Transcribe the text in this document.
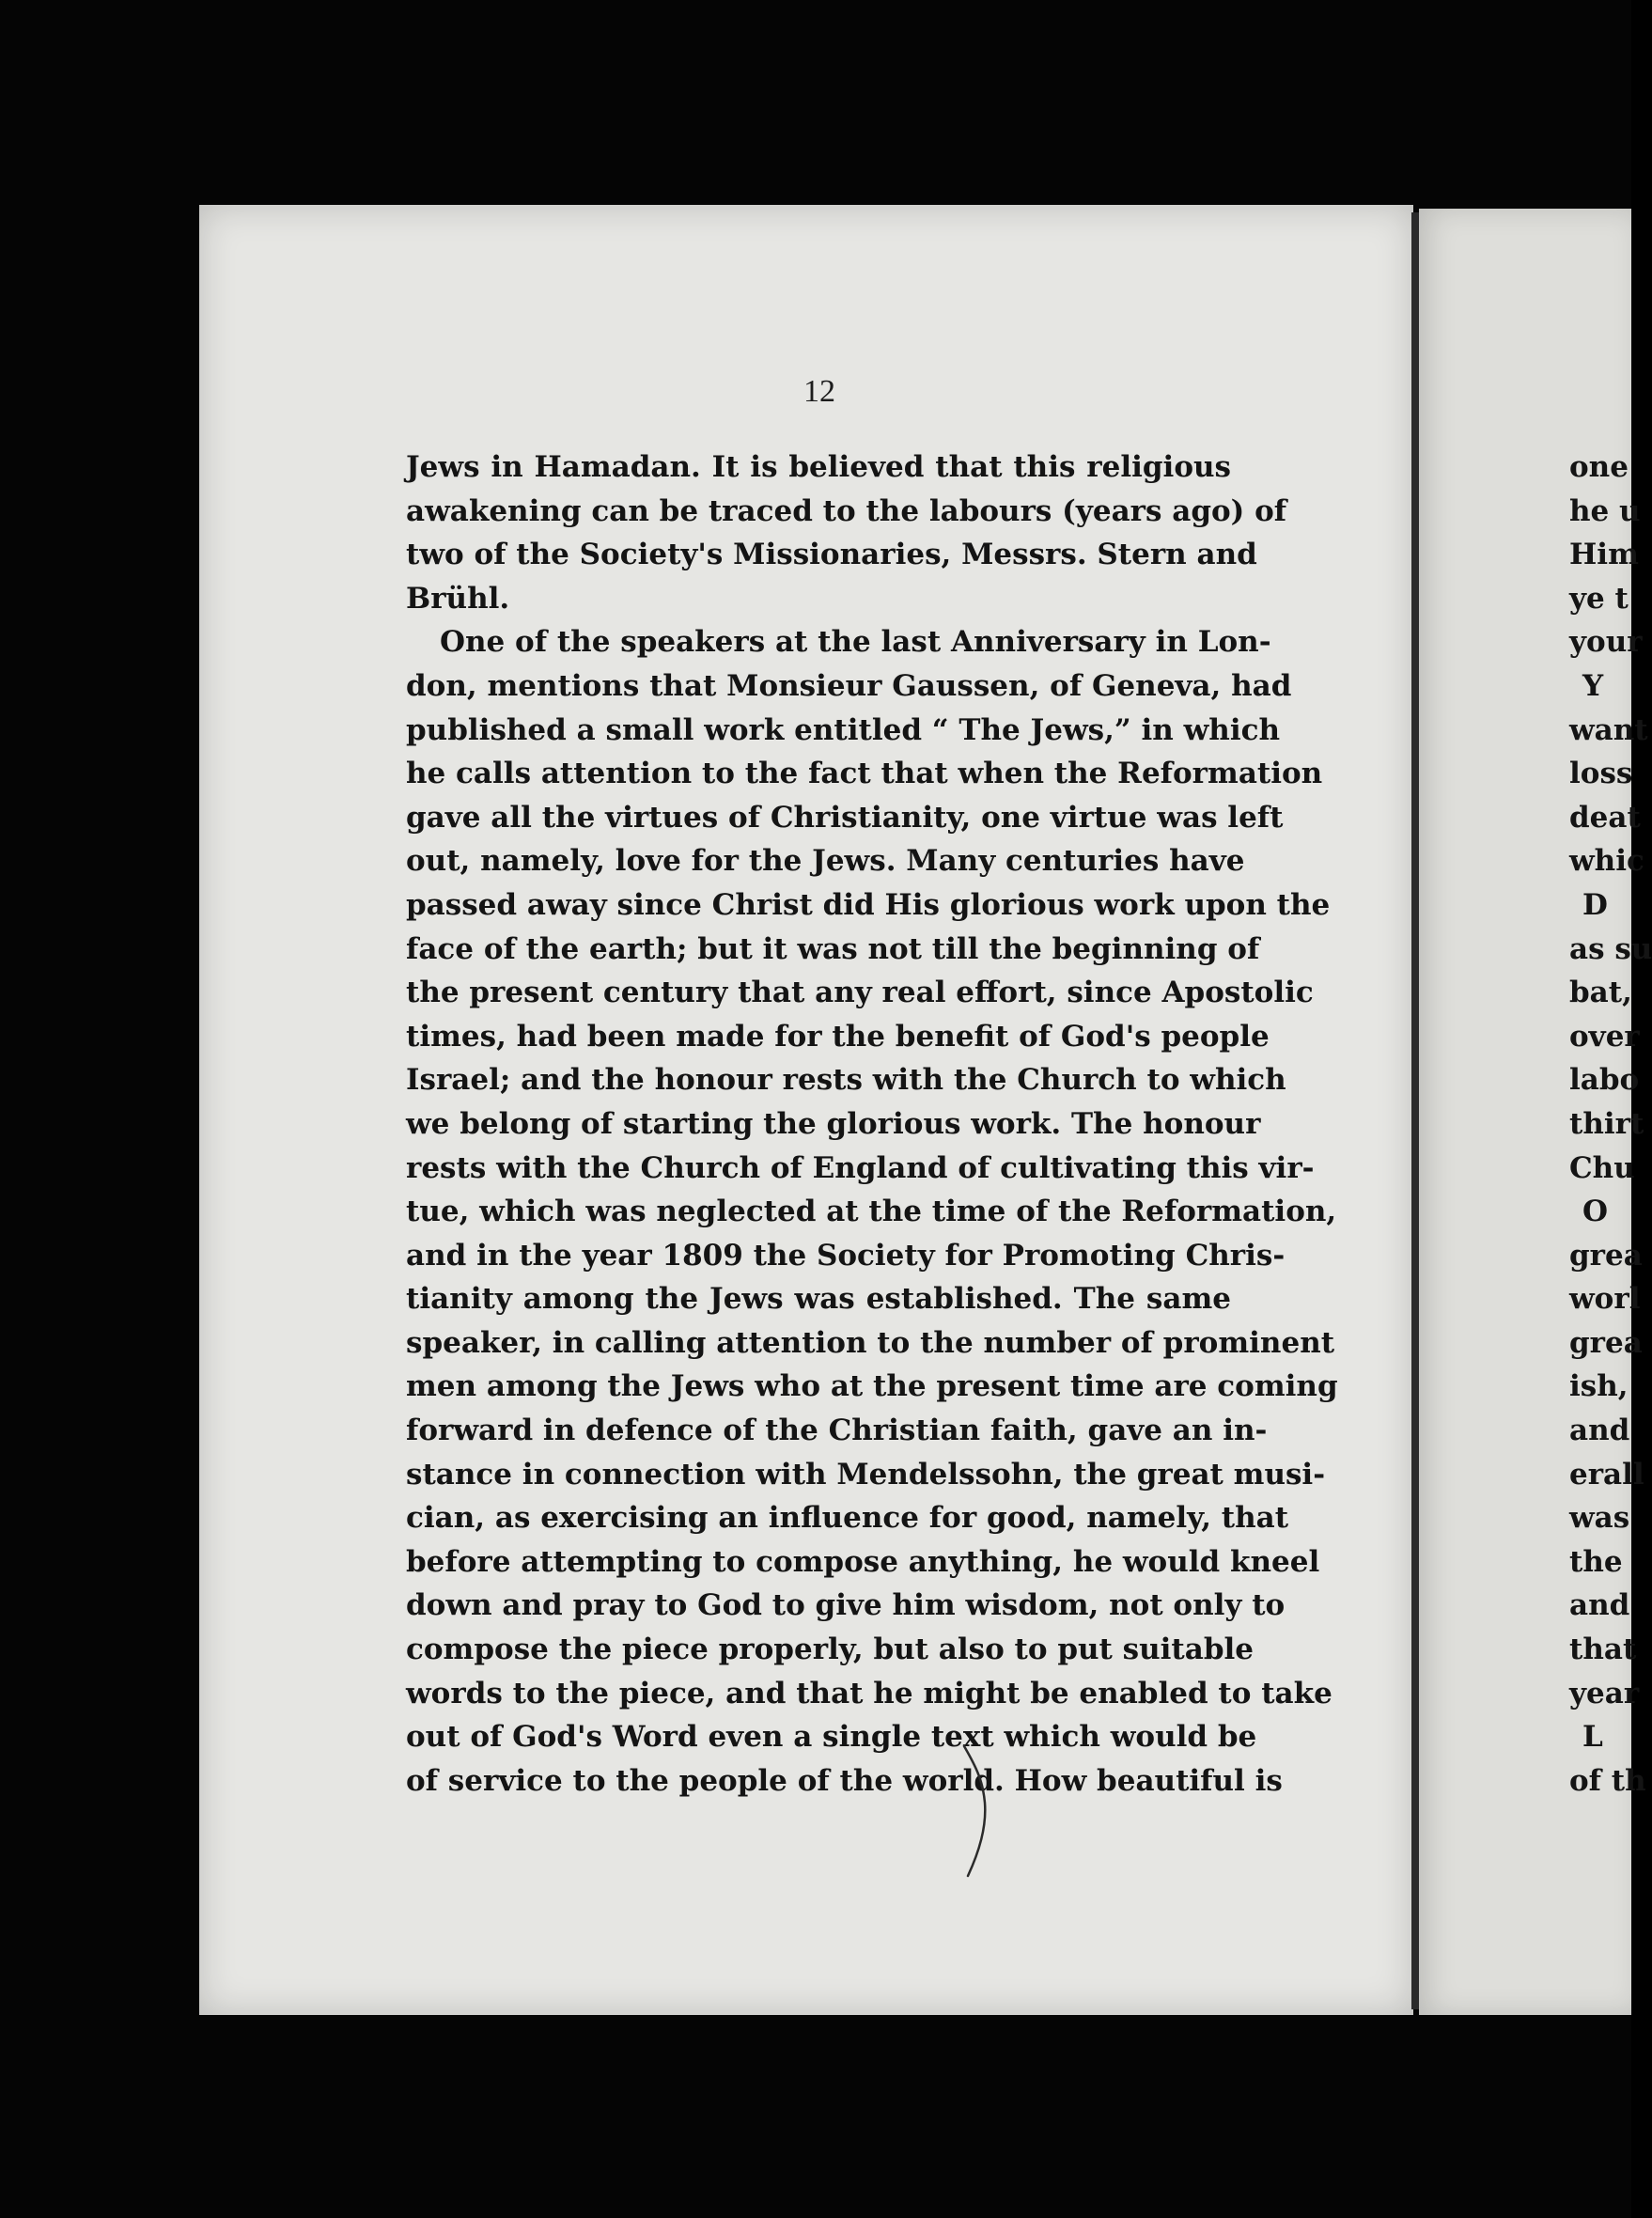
12
Jews in Hamadan. It is believed that this religious
awakening can be traced to the labours (years ago) of
two of the Society's Missionaries, Messrs. Stern and
Brühl.
One of the speakers at the last Anniversary in Lon-
don, mentions that Monsieur Gaussen, of Geneva, had
published a small work entitled “ The Jews,” in which
he calls attention to the fact that when the Reformation
gave all the virtues of Christianity, one virtue was left
out, namely, love for the Jews. Many centuries have
passed away since Christ did His glorious work upon the
face of the earth; but it was not till the beginning of
the present century that any real effort, since Apostolic
times, had been made for the benefit of God's people
Israel; and the honour rests with the Church to which
we belong of starting the glorious work. The honour
rests with the Church of England of cultivating this vir-
tue, which was neglected at the time of the Reformation,
and in the year 1809 the Society for Promoting Chris-
tianity among the Jews was established. The same
speaker, in calling attention to the number of prominent
men among the Jews who at the present time are coming
forward in defence of the Christian faith, gave an in-
stance in connection with Mendelssohn, the great musi-
cian, as exercising an influence for good, namely, that
before attempting to compose anything, he would kneel
down and pray to God to give him wisdom, not only to
compose the piece properly, but also to put suitable
words to the piece, and that he might be enabled to take
out of God's Word even a single text which would be
of service to the people of the world. How beautiful is
one
he u
Him
ye t
your
Y
want
loss
deat
whic
D
as su
bat,
over
labo
thirt
Chu
O
grea
worl
grea
ish,
and
erall
was
the
and
that
year
L
of th
